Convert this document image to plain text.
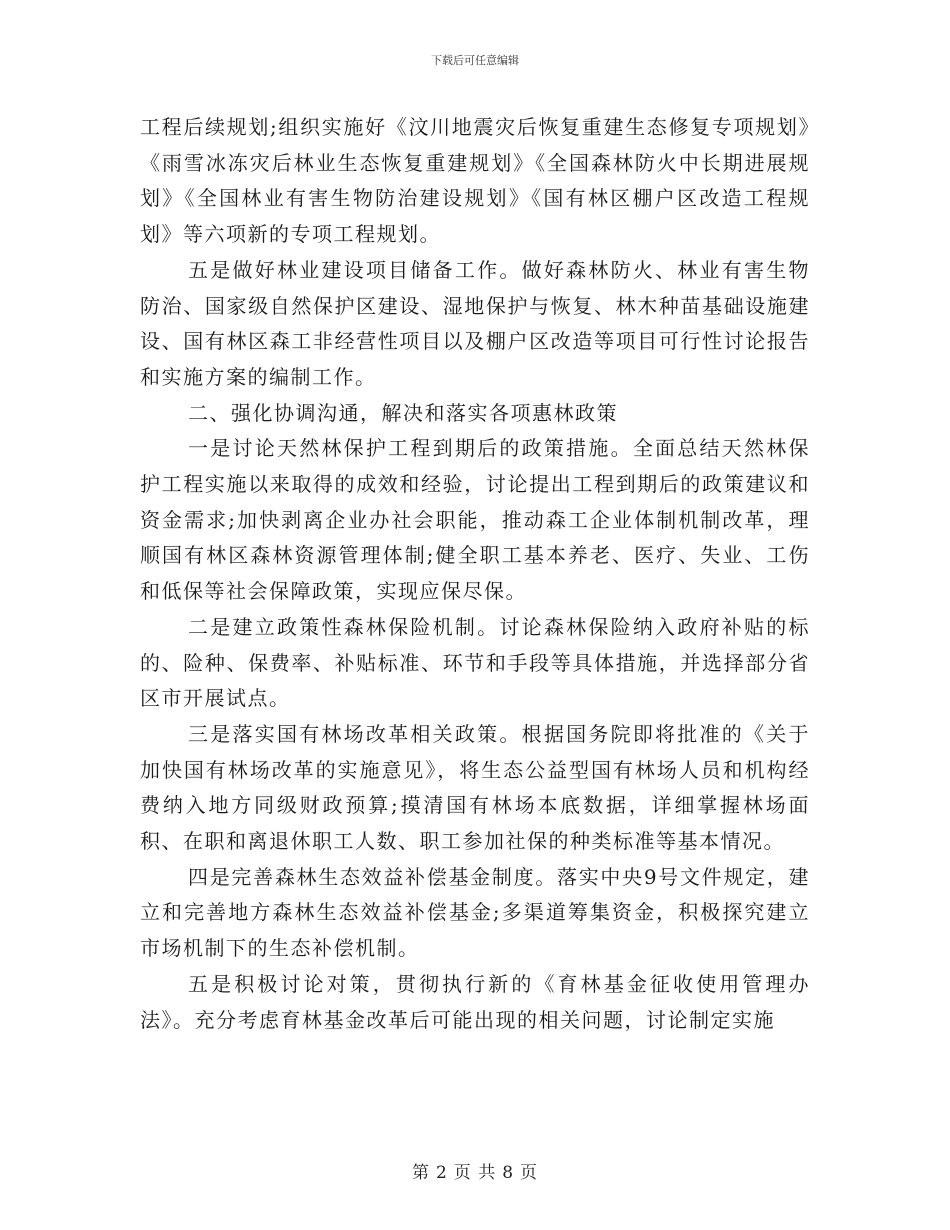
下载后可任意编辑

工程后续规划;组织实施好《汶川地震灾后恢复重建生态修复专项规划》《雨雪冰冻灾后林业生态恢复重建规划》《全国森林防火中长期进展规划》《全国林业有害生物防治建设规划》《国有林区棚户区改造工程规划》等六项新的专项工程规划。

五是做好林业建设项目储备工作。做好森林防火、林业有害生物防治、国家级自然保护区建设、湿地保护与恢复、林木种苗基础设施建设、国有林区森工非经营性项目以及棚户区改造等项目可行性讨论报告和实施方案的编制工作。

二、强化协调沟通，解决和落实各项惠林政策

一是讨论天然林保护工程到期后的政策措施。全面总结天然林保护工程实施以来取得的成效和经验，讨论提出工程到期后的政策建议和资金需求;加快剥离企业办社会职能，推动森工企业体制机制改革，理顺国有林区森林资源管理体制;健全职工基本养老、医疗、失业、工伤和低保等社会保障政策，实现应保尽保。

二是建立政策性森林保险机制。讨论森林保险纳入政府补贴的标的、险种、保费率、补贴标准、环节和手段等具体措施，并选择部分省区市开展试点。

三是落实国有林场改革相关政策。根据国务院即将批准的《关于加快国有林场改革的实施意见》，将生态公益型国有林场人员和机构经费纳入地方同级财政预算;摸清国有林场本底数据，详细掌握林场面积、在职和离退休职工人数、职工参加社保的种类标准等基本情况。

四是完善森林生态效益补偿基金制度。落实中央9号文件规定，建立和完善地方森林生态效益补偿基金;多渠道筹集资金，积极探究建立市场机制下的生态补偿机制。

五是积极讨论对策，贯彻执行新的《育林基金征收使用管理办法》。充分考虑育林基金改革后可能出现的相关问题，讨论制定实施

第 2 页 共 8 页
